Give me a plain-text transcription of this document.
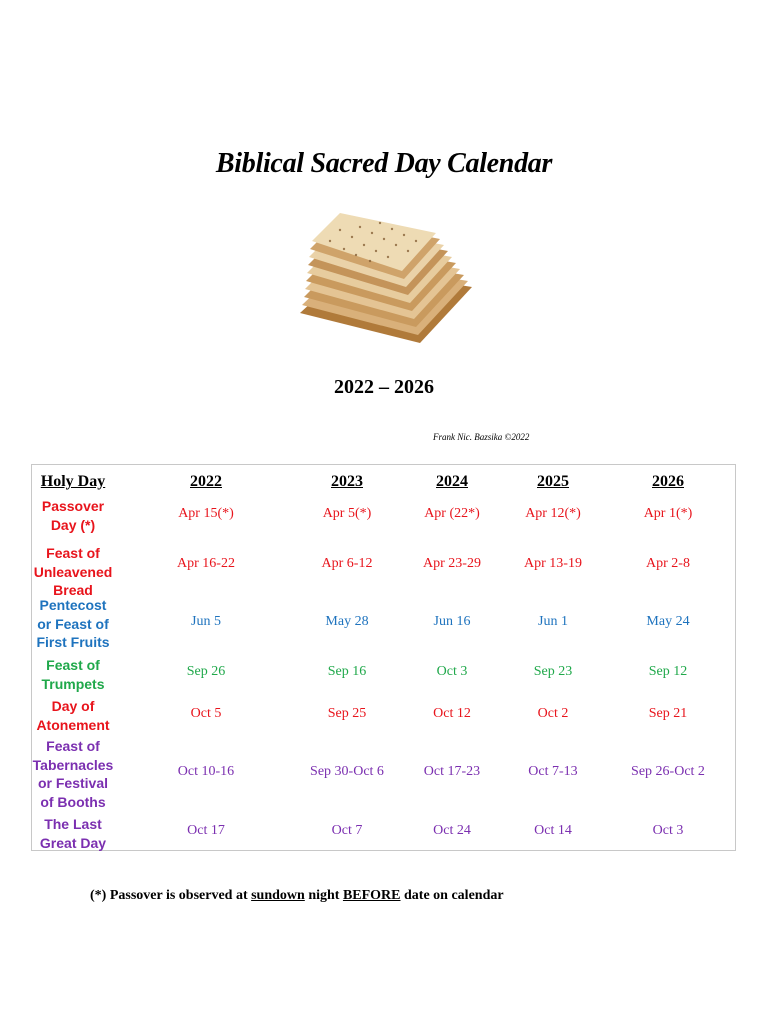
Biblical Sacred Day Calendar
2022 – 2026
Frank Nic. Bazsika ©2022
Holy Day	2022	2023	2024	2025	2026
Passover
Day (*)
Apr 15(*)	Apr 5(*)	Apr (22*)	Apr 12(*)	Apr 1(*)
Feast of
Unleavened
Bread
Apr 16-22	Apr 6-12	Apr 23-29	Apr 13-19	Apr 2-8
Pentecost
or Feast of
First Fruits
Jun 5	May 28	Jun 16	Jun 1	May 24
Feast of
Trumpets
Sep 26	Sep 16	Oct 3	Sep 23	Sep 12
Day of
Atonement
Oct 5	Sep 25	Oct 12	Oct 2	Sep 21
Feast of
Tabernacles
or Festival
of Booths
Oct 10-16	Sep 30-Oct 6	Oct 17-23	Oct 7-13	Sep 26-Oct 2
The Last
Great Day
Oct 17	Oct 7	Oct 24	Oct 14	Oct 3
(*) Passover is observed at sundown night BEFORE date on calendar
